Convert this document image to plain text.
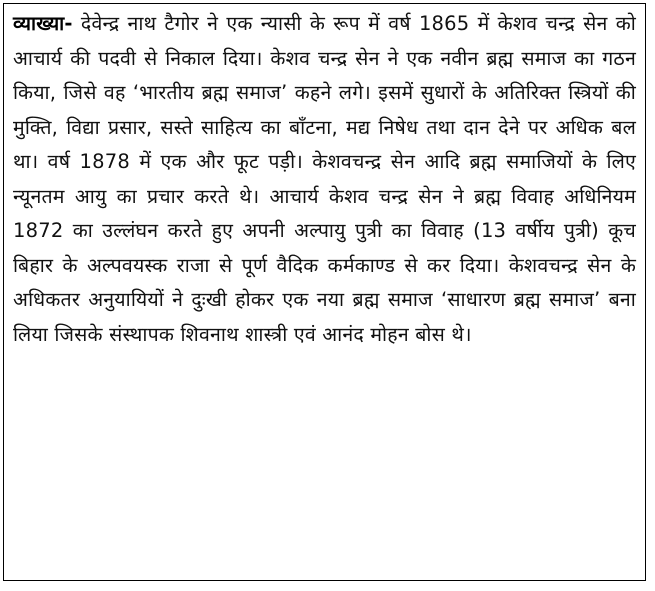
व्याख्या- देवेन्द्र नाथ टैगोर ने एक न्यासी के रूप में वर्ष 1865 में केशव चन्द्र सेन को आचार्य की पदवी से निकाल दिया। केशव चन्द्र सेन ने एक नवीन ब्रह्म समाज का गठन किया, जिसे वह ‘भारतीय ब्रह्म समाज’ कहने लगे। इसमें सुधारों के अतिरिक्त स्त्रियों की मुक्ति, विद्या प्रसार, सस्ते साहित्य का बाँटना, मद्य निषेध तथा दान देने पर अधिक बल था। वर्ष 1878 में एक और फूट पड़ी। केशवचन्द्र सेन आदि ब्रह्म समाजियों के लिए न्यूनतम आयु का प्रचार करते थे। आचार्य केशव चन्द्र सेन ने ब्रह्म विवाह अधिनियम 1872 का उल्लंघन करते हुए अपनी अल्पायु पुत्री का विवाह (13 वर्षीय पुत्री) कूच बिहार के अल्पवयस्क राजा से पूर्ण वैदिक कर्मकाण्ड से कर दिया। केशवचन्द्र सेन के अधिकतर अनुयायियों ने दुःखी होकर एक नया ब्रह्म समाज ‘साधारण ब्रह्म समाज’ बना लिया जिसके संस्थापक शिवनाथ शास्त्री एवं आनंद मोहन बोस थे।
